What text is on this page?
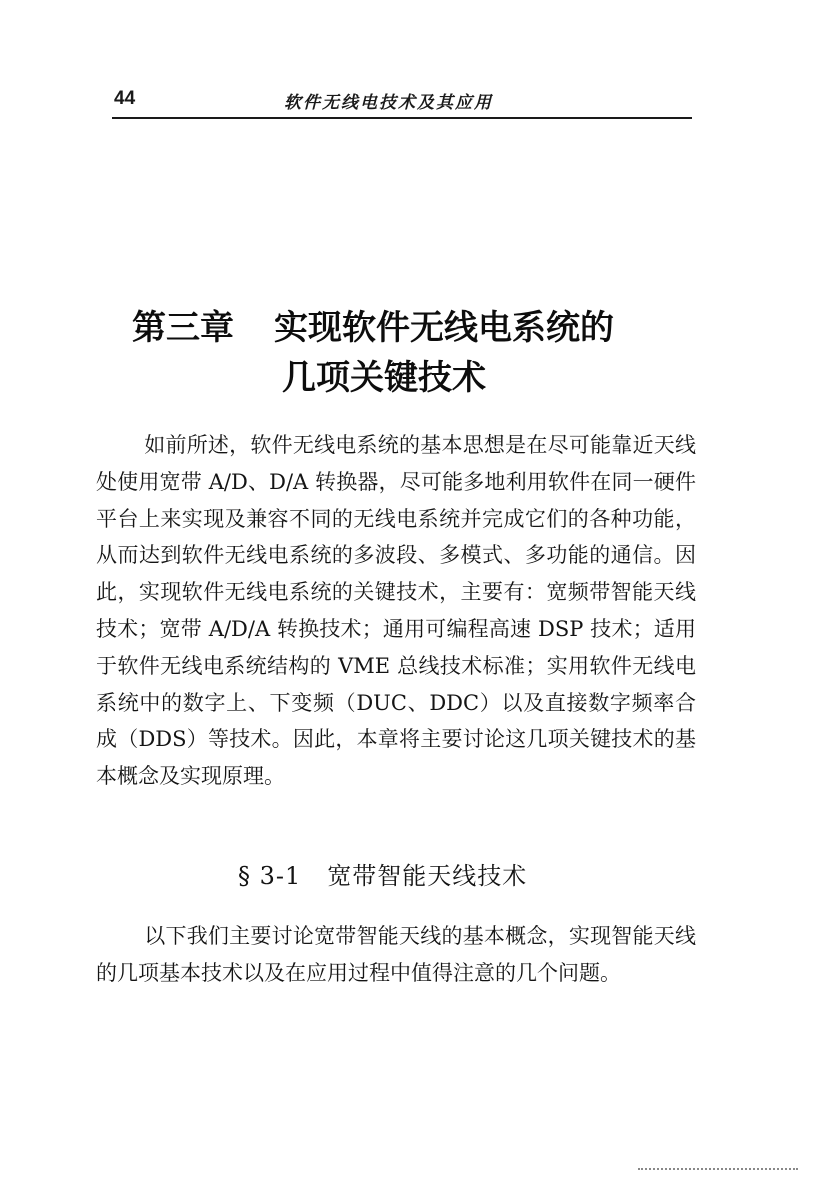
44	软件无线电技术及其应用
第三章 实现软件无线电系统的
几项关键技术

如前所述，软件无线电系统的基本思想是在尽可能靠近天线处使用宽带 A/D、D/A 转换器，尽可能多地利用软件在同一硬件平台上来实现及兼容不同的无线电系统并完成它们的各种功能，从而达到软件无线电系统的多波段、多模式、多功能的通信。因此，实现软件无线电系统的关键技术，主要有：宽频带智能天线技术；宽带 A/D/A 转换技术；通用可编程高速 DSP 技术；适用于软件无线电系统结构的 VME 总线技术标准；实用软件无线电系统中的数字上、下变频（DUC、DDC）以及直接数字频率合成（DDS）等技术。因此，本章将主要讨论这几项关键技术的基本概念及实现原理。

§ 3-1 宽带智能天线技术

以下我们主要讨论宽带智能天线的基本概念，实现智能天线的几项基本技术以及在应用过程中值得注意的几个问题。
